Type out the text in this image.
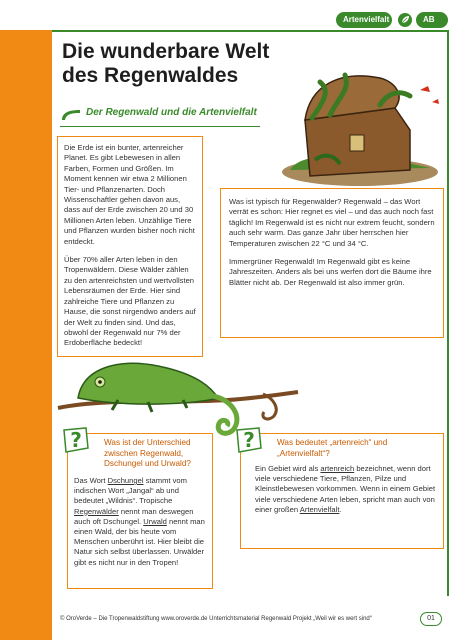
Artenvielfalt	AB 3.2
Die wunderbare Welt des Regenwaldes
Der Regenwald und die Artenvielfalt

Die Erde ist ein bunter, artenreicher Planet. Es gibt Lebewesen in allen Farben, Formen und Größen. Im Moment kennen wir etwa 2 Millionen Tier- und Pflanzenarten. Doch Wissenschaftler gehen davon aus, dass auf der Erde zwischen 20 und 30 Millionen Arten leben. Unzählige Tiere und Pflanzen wurden bisher noch nicht entdeckt.

Über 70% aller Arten leben in den Tropenwäldern. Diese Wälder zählen zu den artenreichsten und wertvollsten Lebensräumen der Erde. Hier sind zahlreiche Tiere und Pflanzen zu Hause, die sonst nirgendwo anders auf der Welt zu finden sind. Und das, obwohl der Regenwald nur 7% der Erdoberfläche bedeckt!

Was ist typisch für Regenwälder? Regenwald – das Wort verrät es schon: Hier regnet es viel – und das auch noch fast täglich! Im Regenwald ist es nicht nur extrem feucht, sondern auch sehr warm. Das ganze Jahr über herrschen hier Temperaturen zwischen 22 °C und 34 °C.

Immergrüner Regenwald! Im Regenwald gibt es keine Jahreszeiten. Anders als bei uns werfen dort die Bäume ihre Blätter nicht ab. Der Regenwald ist also immer grün.

?	Was ist der Unterschied zwischen Regenwald, Dschungel und Urwald?
Das Wort Dschungel stammt vom indischen Wort „Jangal“ ab und bedeutet „Wildnis“. Tropische Regenwälder nennt man deswegen auch oft Dschungel. Urwald nennt man einen Wald, der bis heute vom Menschen unberührt ist. Hier bleibt die Natur sich selbst überlassen. Urwälder gibt es nicht nur in den Tropen!
?	Was bedeutet „artenreich“ und „Artenvielfalt“?
Ein Gebiet wird als artenreich bezeichnet, wenn dort viele verschiedene Tiere, Pflanzen, Pilze und Kleinstlebewesen vorkommen. Wenn in einem Gebiet viele verschiedene Arten leben, spricht man auch von einer großen Artenvielfalt.
© OroVerde – Die Tropenwaldstiftung www.oroverde.de Unterrichtsmaterial Regenwald Projekt „Weil wir es wert sind“	01
